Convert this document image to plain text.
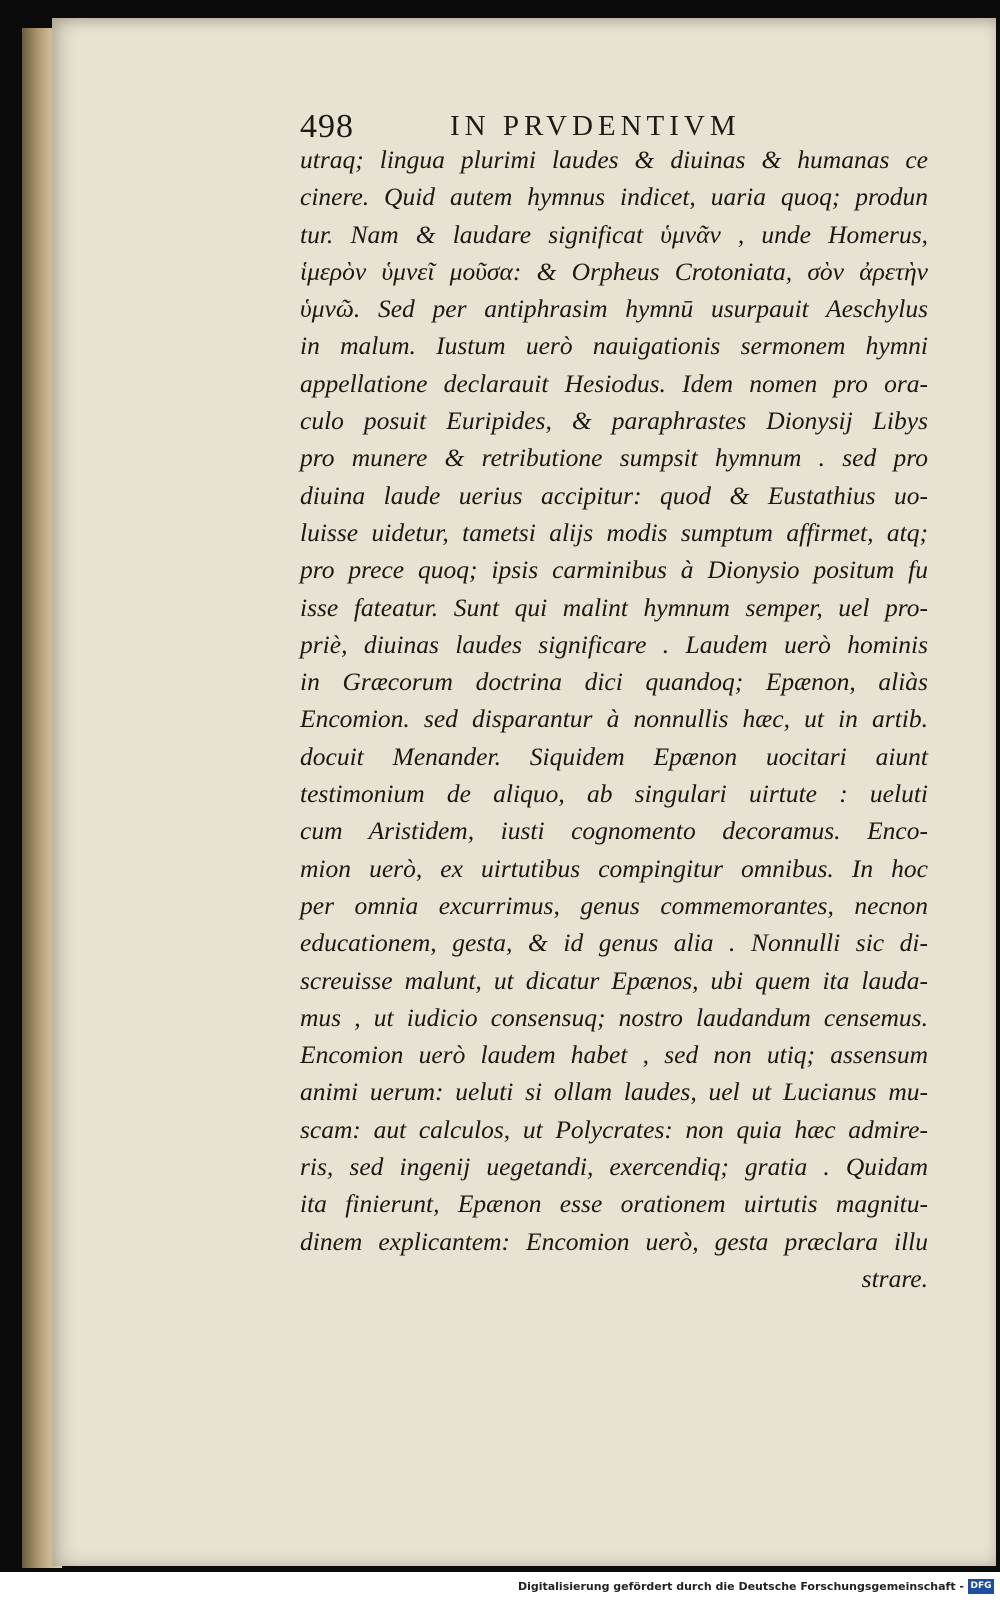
498	IN PRVDENTIVM
utraq; lingua plurimi laudes & diuinas & humanas ce
cinere. Quid autem hymnus indicet, uaria quoq; produn
tur. Nam & laudare significat ὑμνᾶν , unde Homerus,
ἱμερὸν ὑμνεῖ μοῦσα: & Orpheus Crotoniata, σὸν ἀρετὴν
ὑμνῶ. Sed per antiphrasim hymnū usurpauit Aeschylus
in malum. Iustum uerò nauigationis sermonem hymni
appellatione declarauit Hesiodus. Idem nomen pro ora-
culo posuit Euripides, & paraphrastes Dionysij Libys
pro munere & retributione sumpsit hymnum . sed pro
diuina laude uerius accipitur: quod & Eustathius uo-
luisse uidetur, tametsi alijs modis sumptum affirmet, atq;
pro prece quoq; ipsis carminibus à Dionysio positum fu
isse fateatur. Sunt qui malint hymnum semper, uel pro-
priè, diuinas laudes significare . Laudem uerò hominis
in Græcorum doctrina dici quandoq; Epænon, aliàs
Encomion. sed disparantur à nonnullis hæc, ut in artib.
docuit Menander. Siquidem Epænon uocitari aiunt
testimonium de aliquo, ab singulari uirtute : ueluti
cum Aristidem, iusti cognomento decoramus. Enco-
mion uerò, ex uirtutibus compingitur omnibus. In hoc
per omnia excurrimus, genus commemorantes, necnon
educationem, gesta, & id genus alia . Nonnulli sic di-
screuisse malunt, ut dicatur Epænos, ubi quem ita lauda-
mus , ut iudicio consensuq; nostro laudandum censemus.
Encomion uerò laudem habet , sed non utiq; assensum
animi uerum: ueluti si ollam laudes, uel ut Lucianus mu-
scam: aut calculos, ut Polycrates: non quia hæc admire-
ris, sed ingenij uegetandi, exercendiq; gratia . Quidam
ita finierunt, Epænon esse orationem uirtutis magnitu-
dinem explicantem: Encomion uerò, gesta præclara illu
strare.
Digitalisierung gefördert durch die Deutsche Forschungsgemeinschaft - DFG
